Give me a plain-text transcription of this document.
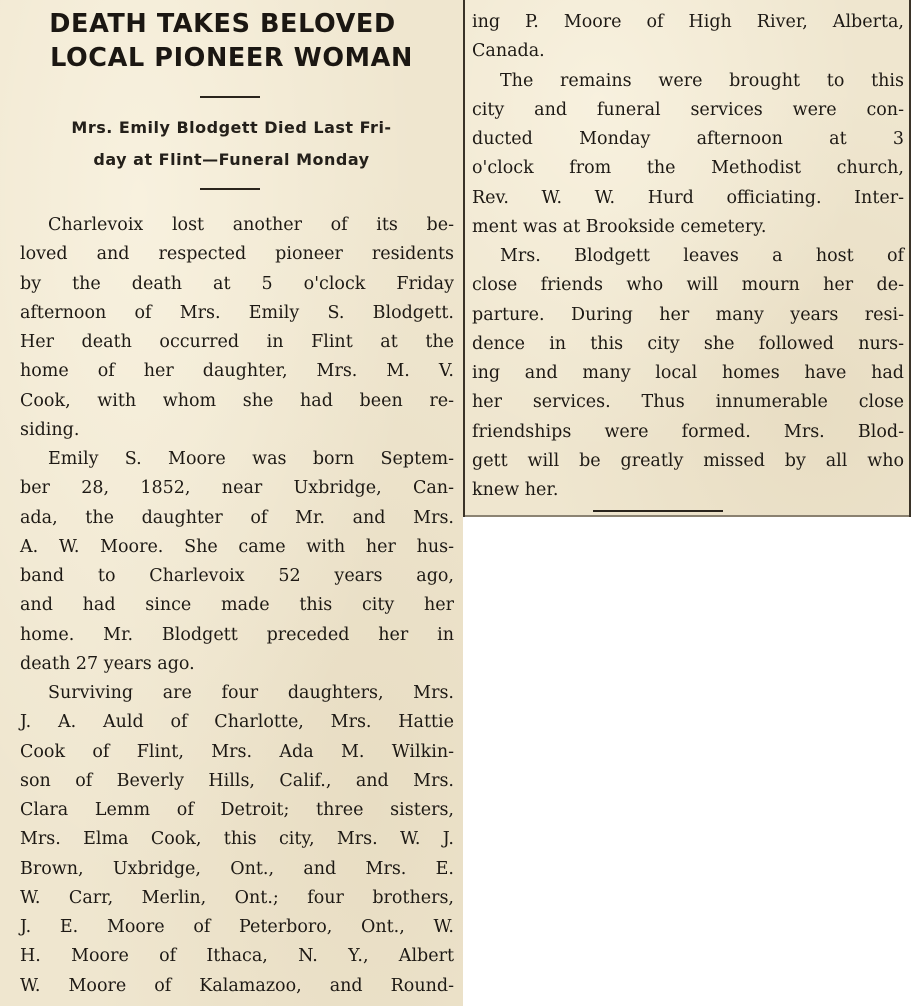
DEATH TAKES BELOVED
LOCAL PIONEER WOMAN
Mrs. Emily Blodgett Died Last Fri-
day at Flint—Funeral Monday

Charlevoix lost another of its be-

loved and respected pioneer residents

by the death at 5 o'clock Friday

afternoon of Mrs. Emily S. Blodgett.

Her death occurred in Flint at the

home of her daughter, Mrs. M. V.

Cook, with whom she had been re-

siding.

Emily S. Moore was born Septem-

ber 28, 1852, near Uxbridge, Can-

ada, the daughter of Mr. and Mrs.

A. W. Moore. She came with her hus-

band to Charlevoix 52 years ago,

and had since made this city her

home. Mr. Blodgett preceded her in

death 27 years ago.

Surviving are four daughters, Mrs.

J. A. Auld of Charlotte, Mrs. Hattie

Cook of Flint, Mrs. Ada M. Wilkin-

son of Beverly Hills, Calif., and Mrs.

Clara Lemm of Detroit; three sisters,

Mrs. Elma Cook, this city, Mrs. W. J.

Brown, Uxbridge, Ont., and Mrs. E.

W. Carr, Merlin, Ont.; four brothers,

J. E. Moore of Peterboro, Ont., W.

H. Moore of Ithaca, N. Y., Albert

W. Moore of Kalamazoo, and Round-

ing P. Moore of High River, Alberta,

Canada.

The remains were brought to this

city and funeral services were con-

ducted Monday afternoon at 3

o'clock from the Methodist church,

Rev. W. W. Hurd officiating. Inter-

ment was at Brookside cemetery.

Mrs. Blodgett leaves a host of

close friends who will mourn her de-

parture. During her many years resi-

dence in this city she followed nurs-

ing and many local homes have had

her services. Thus innumerable close

friendships were formed. Mrs. Blod-

gett will be greatly missed by all who

knew her.
